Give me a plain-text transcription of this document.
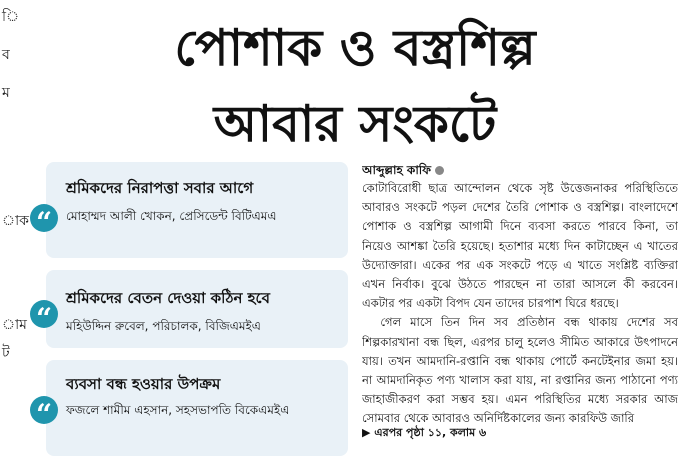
ি
ব
ম
াক
াম
ট
পোশাক ও বস্ত্রশিল্প
আবার সংকটে
শ্রমিকদের নিরাপত্তা সবার আগে
মোহাম্মদ আলী খোকন, প্রেসিডেন্ট বিটিএমএ
“
শ্রমিকদের বেতন দেওয়া কঠিন হবে
মহিউদ্দিন রুবেল, পরিচালক, বিজিএমইএ
“
ব্যবসা বন্ধ হওয়ার উপক্রম
ফজলে শামীম এহসান, সহসভাপতি বিকেএমইএ
“
আব্দুল্লাহ কাফি

কোটাবিরোধী ছাত্র আন্দোলন থেকে সৃষ্ট উত্তেজনাকর পরিস্থিতিতে আবারও সংকটে পড়ল দেশের তৈরি পোশাক ও বস্ত্রশিল্প। বাংলাদেশে পোশাক ও বস্ত্রশিল্প আগামী দিনে ব্যবসা করতে পারবে কিনা, তা নিয়েও আশঙ্কা তৈরি হয়েছে। হতাশার মধ্যে দিন কাটাচ্ছেন এ খাতের উদ্যোক্তারা। একের পর এক সংকটে পড়ে এ খাতে সংশ্লিষ্ট ব্যক্তিরা এখন নির্বাক। বুঝে উঠতে পারছেন না তারা আসলে কী করবেন। একটার পর একটা বিপদ যেন তাদের চারপাশ ঘিরে ধরছে।

গেল মাসে তিন দিন সব প্রতিষ্ঠান বন্ধ থাকায় দেশের সব শিল্পকারখানা বন্ধ ছিল, এরপর চালু হলেও সীমিত আকারে উৎপাদনে যায়। তখন আমদানি-রপ্তানি বন্ধ থাকায় পোর্টে কনটেইনার জমা হয়। না আমদানিকৃত পণ্য খালাস করা যায়, না রপ্তানির জন্য পাঠানো পণ্য জাহাজীকরণ করা সম্ভব হয়। এমন পরিস্থিতির মধ্যে সরকার আজ সোমবার থেকে আবারও অনির্দিষ্টকালের জন্য কারফিউ জারি

▶ এরপর পৃষ্ঠা ১১, কলাম ৬
